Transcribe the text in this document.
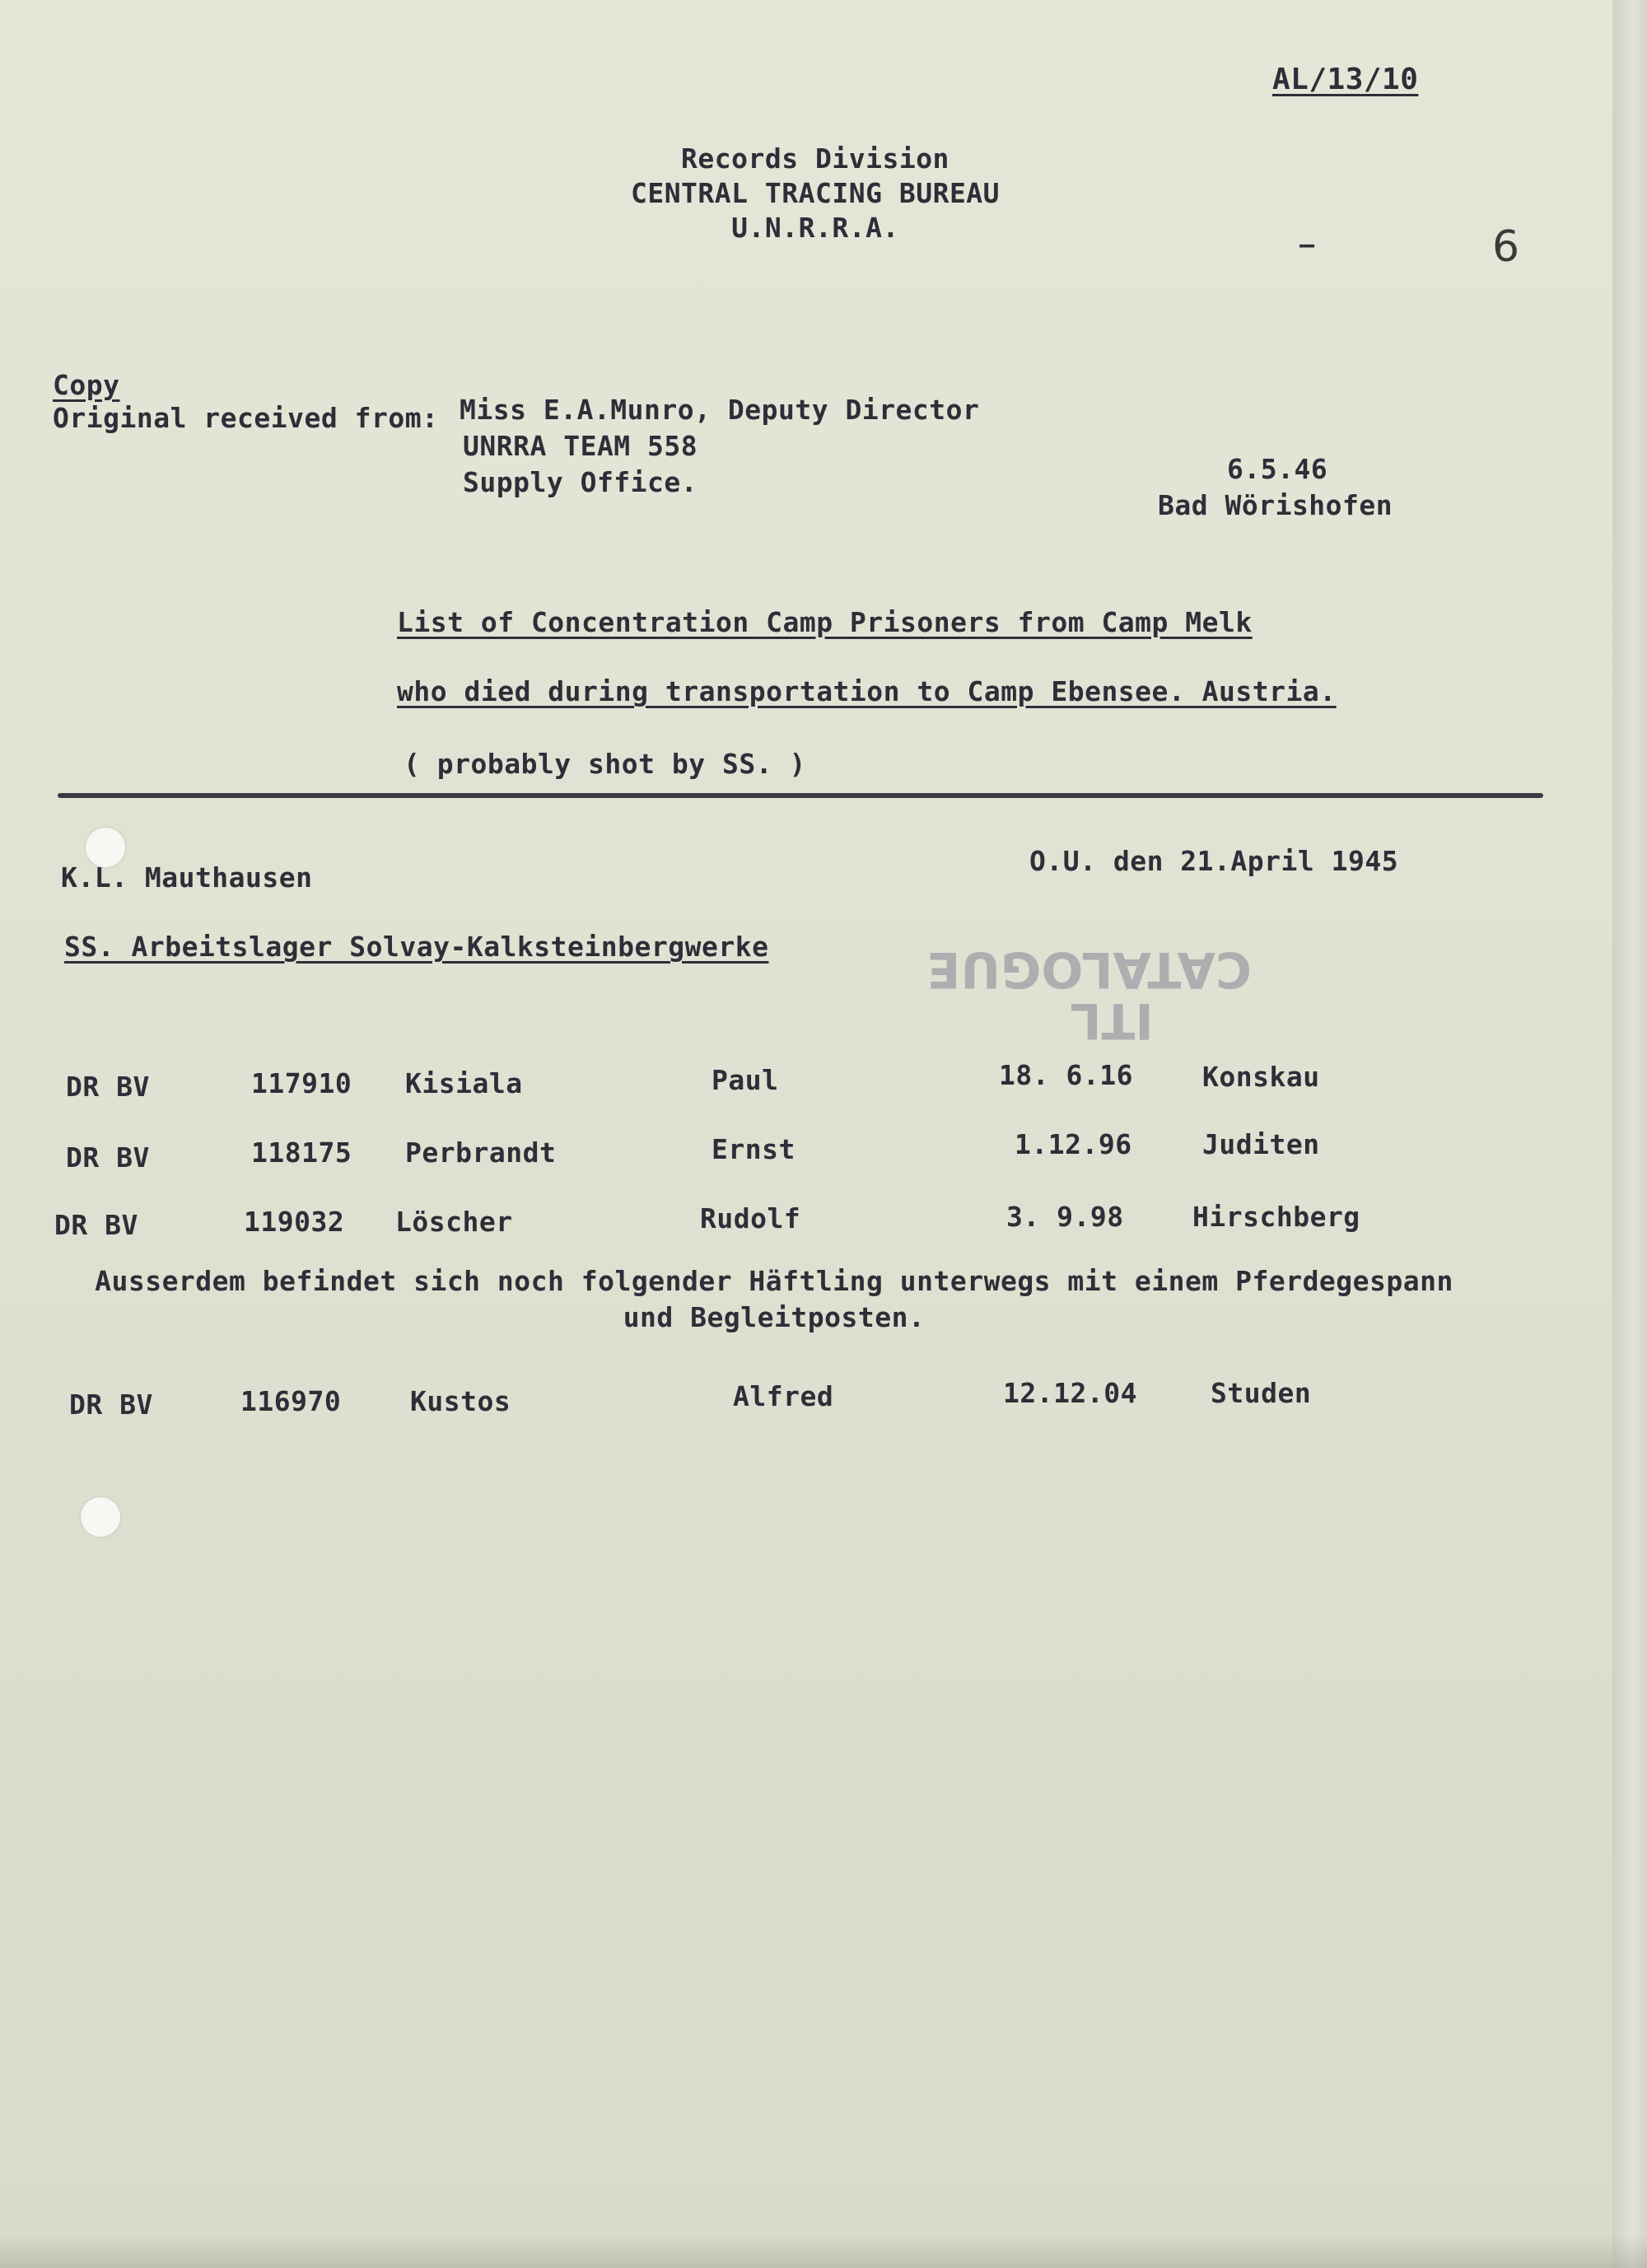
AL/13/10
—	6
Records Division
CENTRAL TRACING BUREAU
U.N.R.R.A.
Copy
Original received from: Miss E.A.Munro, Deputy Director
UNRRA TEAM 558
Supply Office.	6.5.46
Bad Wörishofen
List of Concentration Camp Prisoners from Camp Melk
who died during transportation to Camp Ebensee. Austria.
( probably shot by SS. )
K.L. Mauthausen
O.U. den 21.April 1945
SS. Arbeitslager Solvay-Kalksteinbergwerke
ITL
CATALOGUE
DR BV	117910 Kisiala	Paul	18. 6.16	Konskau
DR BV	118175 Perbrandt	Ernst	1.12.96	Juditen
DR BV	119032 Löscher	Rudolf	3. 9.98	Hirschberg
Ausserdem befindet sich noch folgender Häftling unterwegs mit einem Pferdegespann
und Begleitposten.
DR BV	116970	Kustos	Alfred	12.12.04	Studen
